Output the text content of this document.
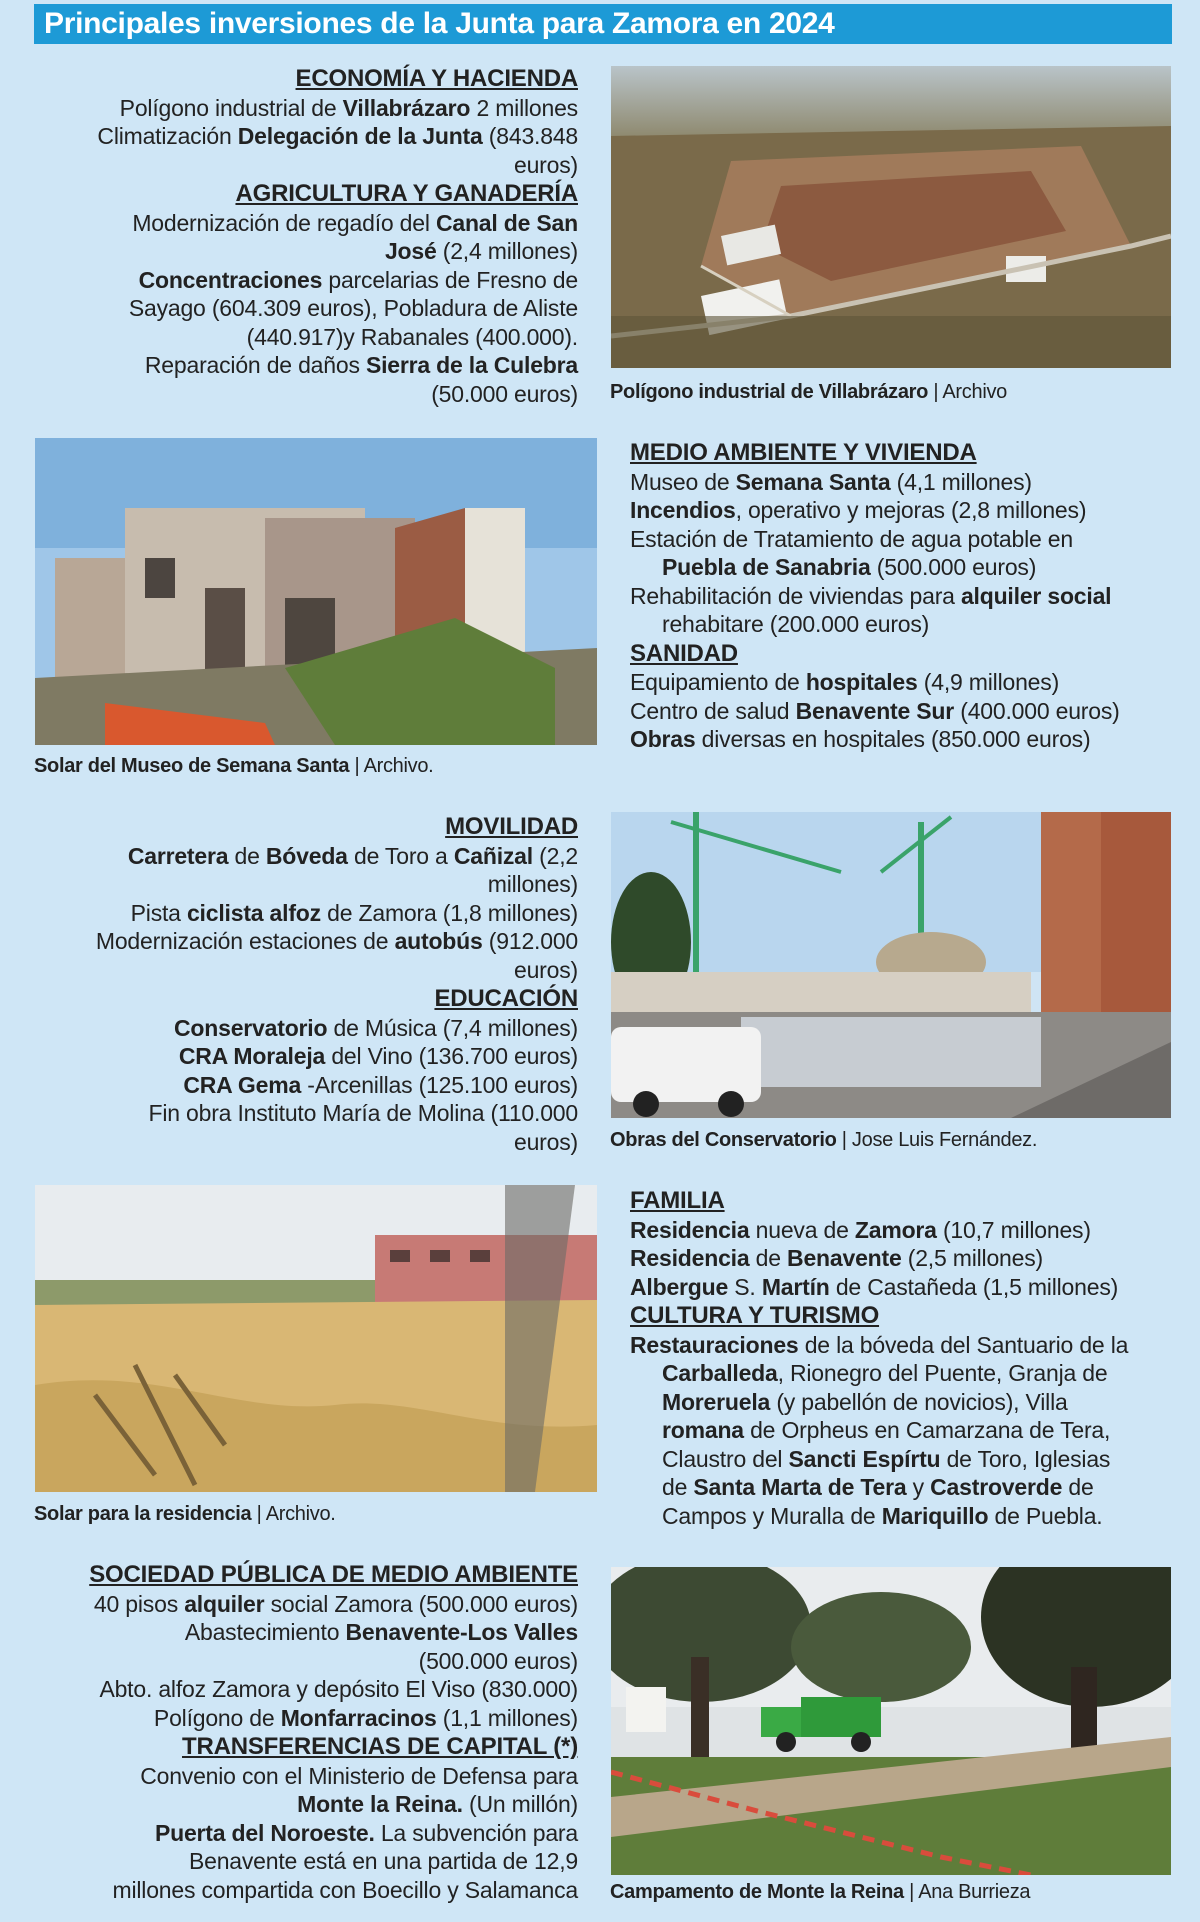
Principales inversiones de la Junta para Zamora en 2024

ECONOMÍA Y HACIENDA

Polígono industrial de Villabrázaro 2 millones

Climatización Delegación de la Junta (843.848

euros)

AGRICULTURA Y GANADERÍA

Modernización de regadío del Canal de San

José (2,4 millones)

Concentraciones parcelarias de Fresno de

Sayago (604.309 euros), Pobladura de Aliste

(440.917)y Rabanales (400.000).

Reparación de daños Sierra de la Culebra

(50.000 euros) Polígono industrial de Villabrázaro | Archivo
Solar del Museo de Semana Santa | Archivo.

MEDIO AMBIENTE Y VIVIENDA

Museo de Semana Santa (4,1 millones)

Incendios, operativo y mejoras (2,8 millones)

Estación de Tratamiento de agua potable en

Puebla de Sanabria (500.000 euros)

Rehabilitación de viviendas para alquiler social

rehabitare (200.000 euros)

SANIDAD

Equipamiento de hospitales (4,9 millones)

Centro de salud Benavente Sur (400.000 euros)

Obras diversas en hospitales (850.000 euros)

MOVILIDAD

Carretera de Bóveda de Toro a Cañizal (2,2

millones)

Pista ciclista alfoz de Zamora (1,8 millones)

Modernización estaciones de autobús (912.000

euros)

EDUCACIÓN

Conservatorio de Música (7,4 millones)

CRA Moraleja del Vino (136.700 euros)

CRA Gema -Arcenillas (125.100 euros)

Fin obra Instituto María de Molina (110.000

euros) Obras del Conservatorio | Jose Luis Fernández.
Solar para la residencia | Archivo.

FAMILIA

Residencia nueva de Zamora (10,7 millones)

Residencia de Benavente (2,5 millones)

Albergue S. Martín de Castañeda (1,5 millones)

CULTURA Y TURISMO

Restauraciones de la bóveda del Santuario de la

Carballeda, Rionegro del Puente, Granja de

Moreruela (y pabellón de novicios), Villa

romana de Orpheus en Camarzana de Tera,

Claustro del Sancti Espírtu de Toro, Iglesias

de Santa Marta de Tera y Castroverde de

Campos y Muralla de Mariquillo de Puebla.

SOCIEDAD PÚBLICA DE MEDIO AMBIENTE

40 pisos alquiler social Zamora (500.000 euros)

Abastecimiento Benavente-Los Valles

(500.000 euros)

Abto. alfoz Zamora y depósito El Viso (830.000)

Polígono de Monfarracinos (1,1 millones)

TRANSFERENCIAS DE CAPITAL (*)

Convenio con el Ministerio de Defensa para

Monte la Reina. (Un millón)

Puerta del Noroeste. La subvención para

Benavente está en una partida de 12,9

millones compartida con Boecillo y Salamanca Campamento de Monte la Reina | Ana Burrieza
